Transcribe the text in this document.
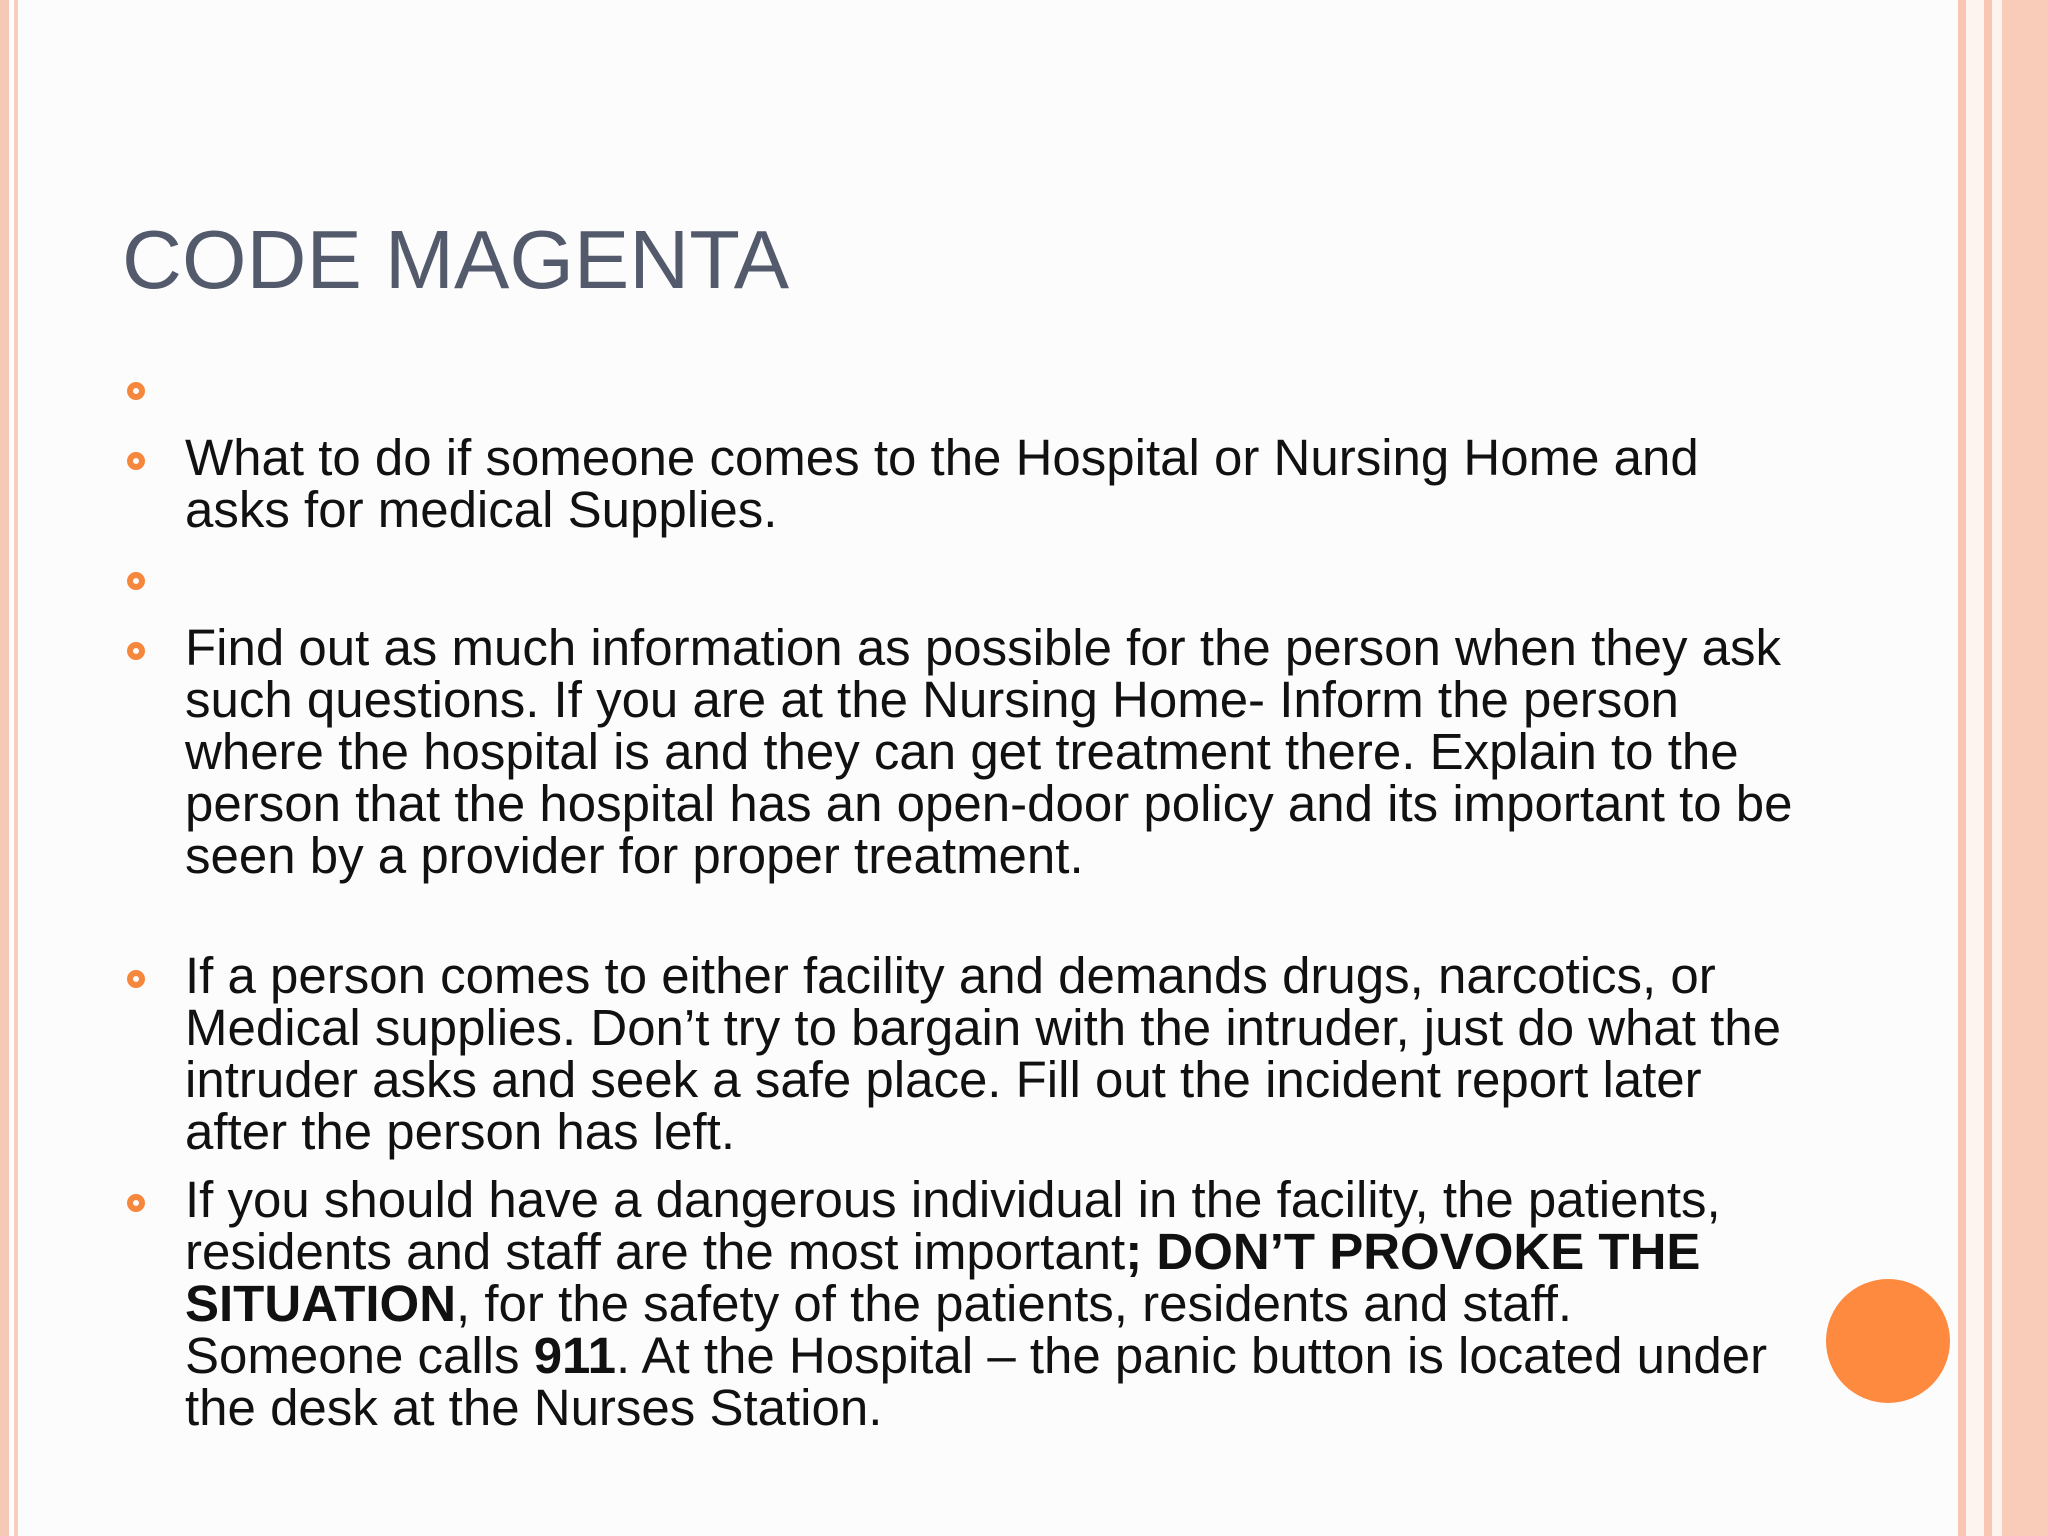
CODE MAGENTA

What to do if someone comes to the Hospital or Nursing Home and asks for medical Supplies.

Find out as much information as possible for the person when they ask such questions. If you are at the Nursing Home- Inform the person where the hospital is and they can get treatment there. Explain to the person that the hospital has an open-door policy and its important to be seen by a provider for proper treatment.

If a person comes to either facility and demands drugs, narcotics, or Medical supplies. Don’t try to bargain with the intruder, just do what the intruder asks and seek a safe place. Fill out the incident report later after the person has left.

If you should have a dangerous individual in the facility, the patients, residents and staff are the most important; DON’T PROVOKE THE SITUATION, for the safety of the patients, residents and staff. Someone calls 911. At the Hospital – the panic button is located under the desk at the Nurses Station.
